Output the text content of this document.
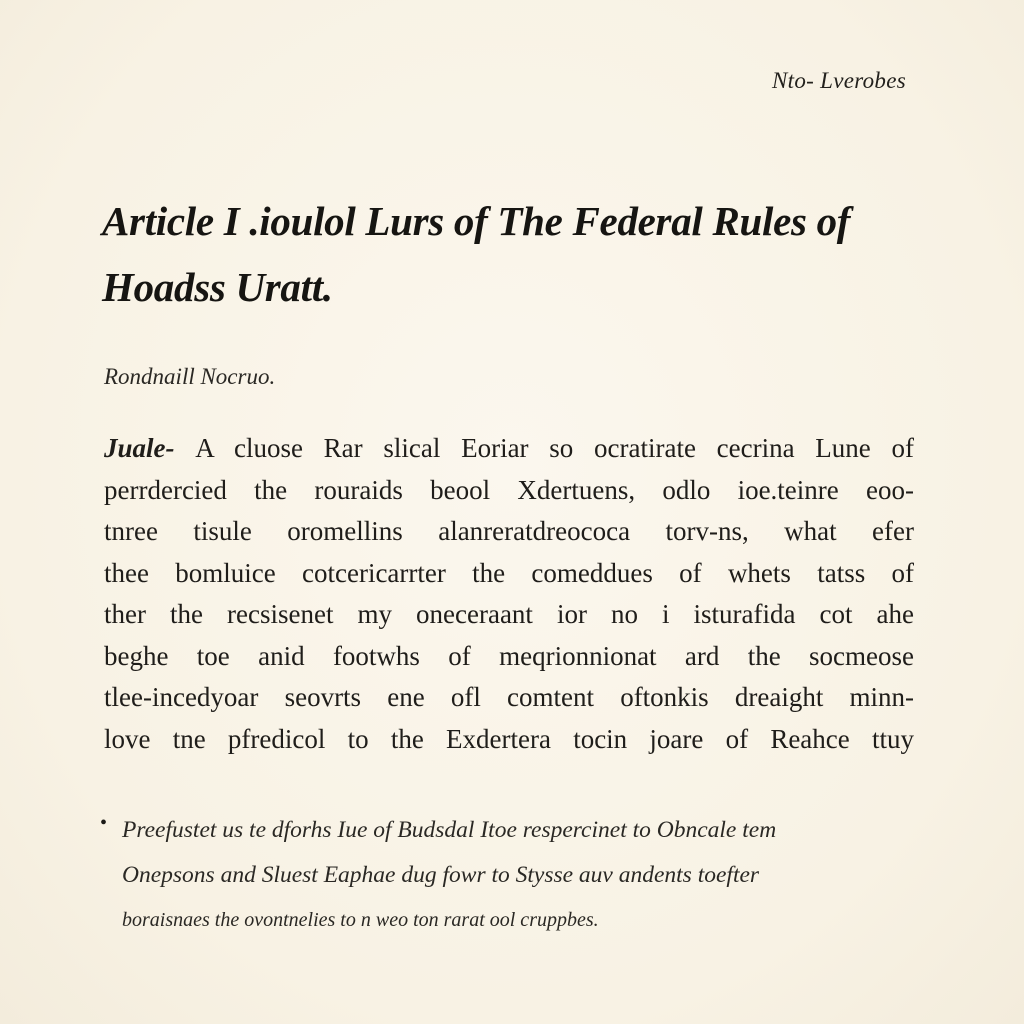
Nto- Lverobes
Article I .ioulol Lurs of The Federal Rules of
Hoadss Uratt.
Rondnaill Nocruo.
Juale- A cluose Rar slical Eoriar so ocratirate cecrina Lune of
perrdercied the rouraids beool Xdertuens, odlo ioe.teinre eoo-
tnree tisule oromellins alanreratdreococa torv-ns, what efer
thee bomluice cotcericarrter the comeddues of whets tatss of
ther the recsisenet my oneceraant ior no i isturafida cot ahe
beghe toe anid footwhs of meqrionnionat ard the socmeose
tlee-incedyoar seovrts ene ofl comtent oftonkis dreaight minn-
love tne pfredicol to the Exdertera tocin joare of Reahce ttuy
• Preefustet us te dforhs Iue of Budsdal Itoe respercinet to Obncale tem
Onepsons and Sluest Eaphae dug fowr to Stysse auv andents toefter
boraisnaes the ovontnelies to n weo ton rarat ool cruppbes.
